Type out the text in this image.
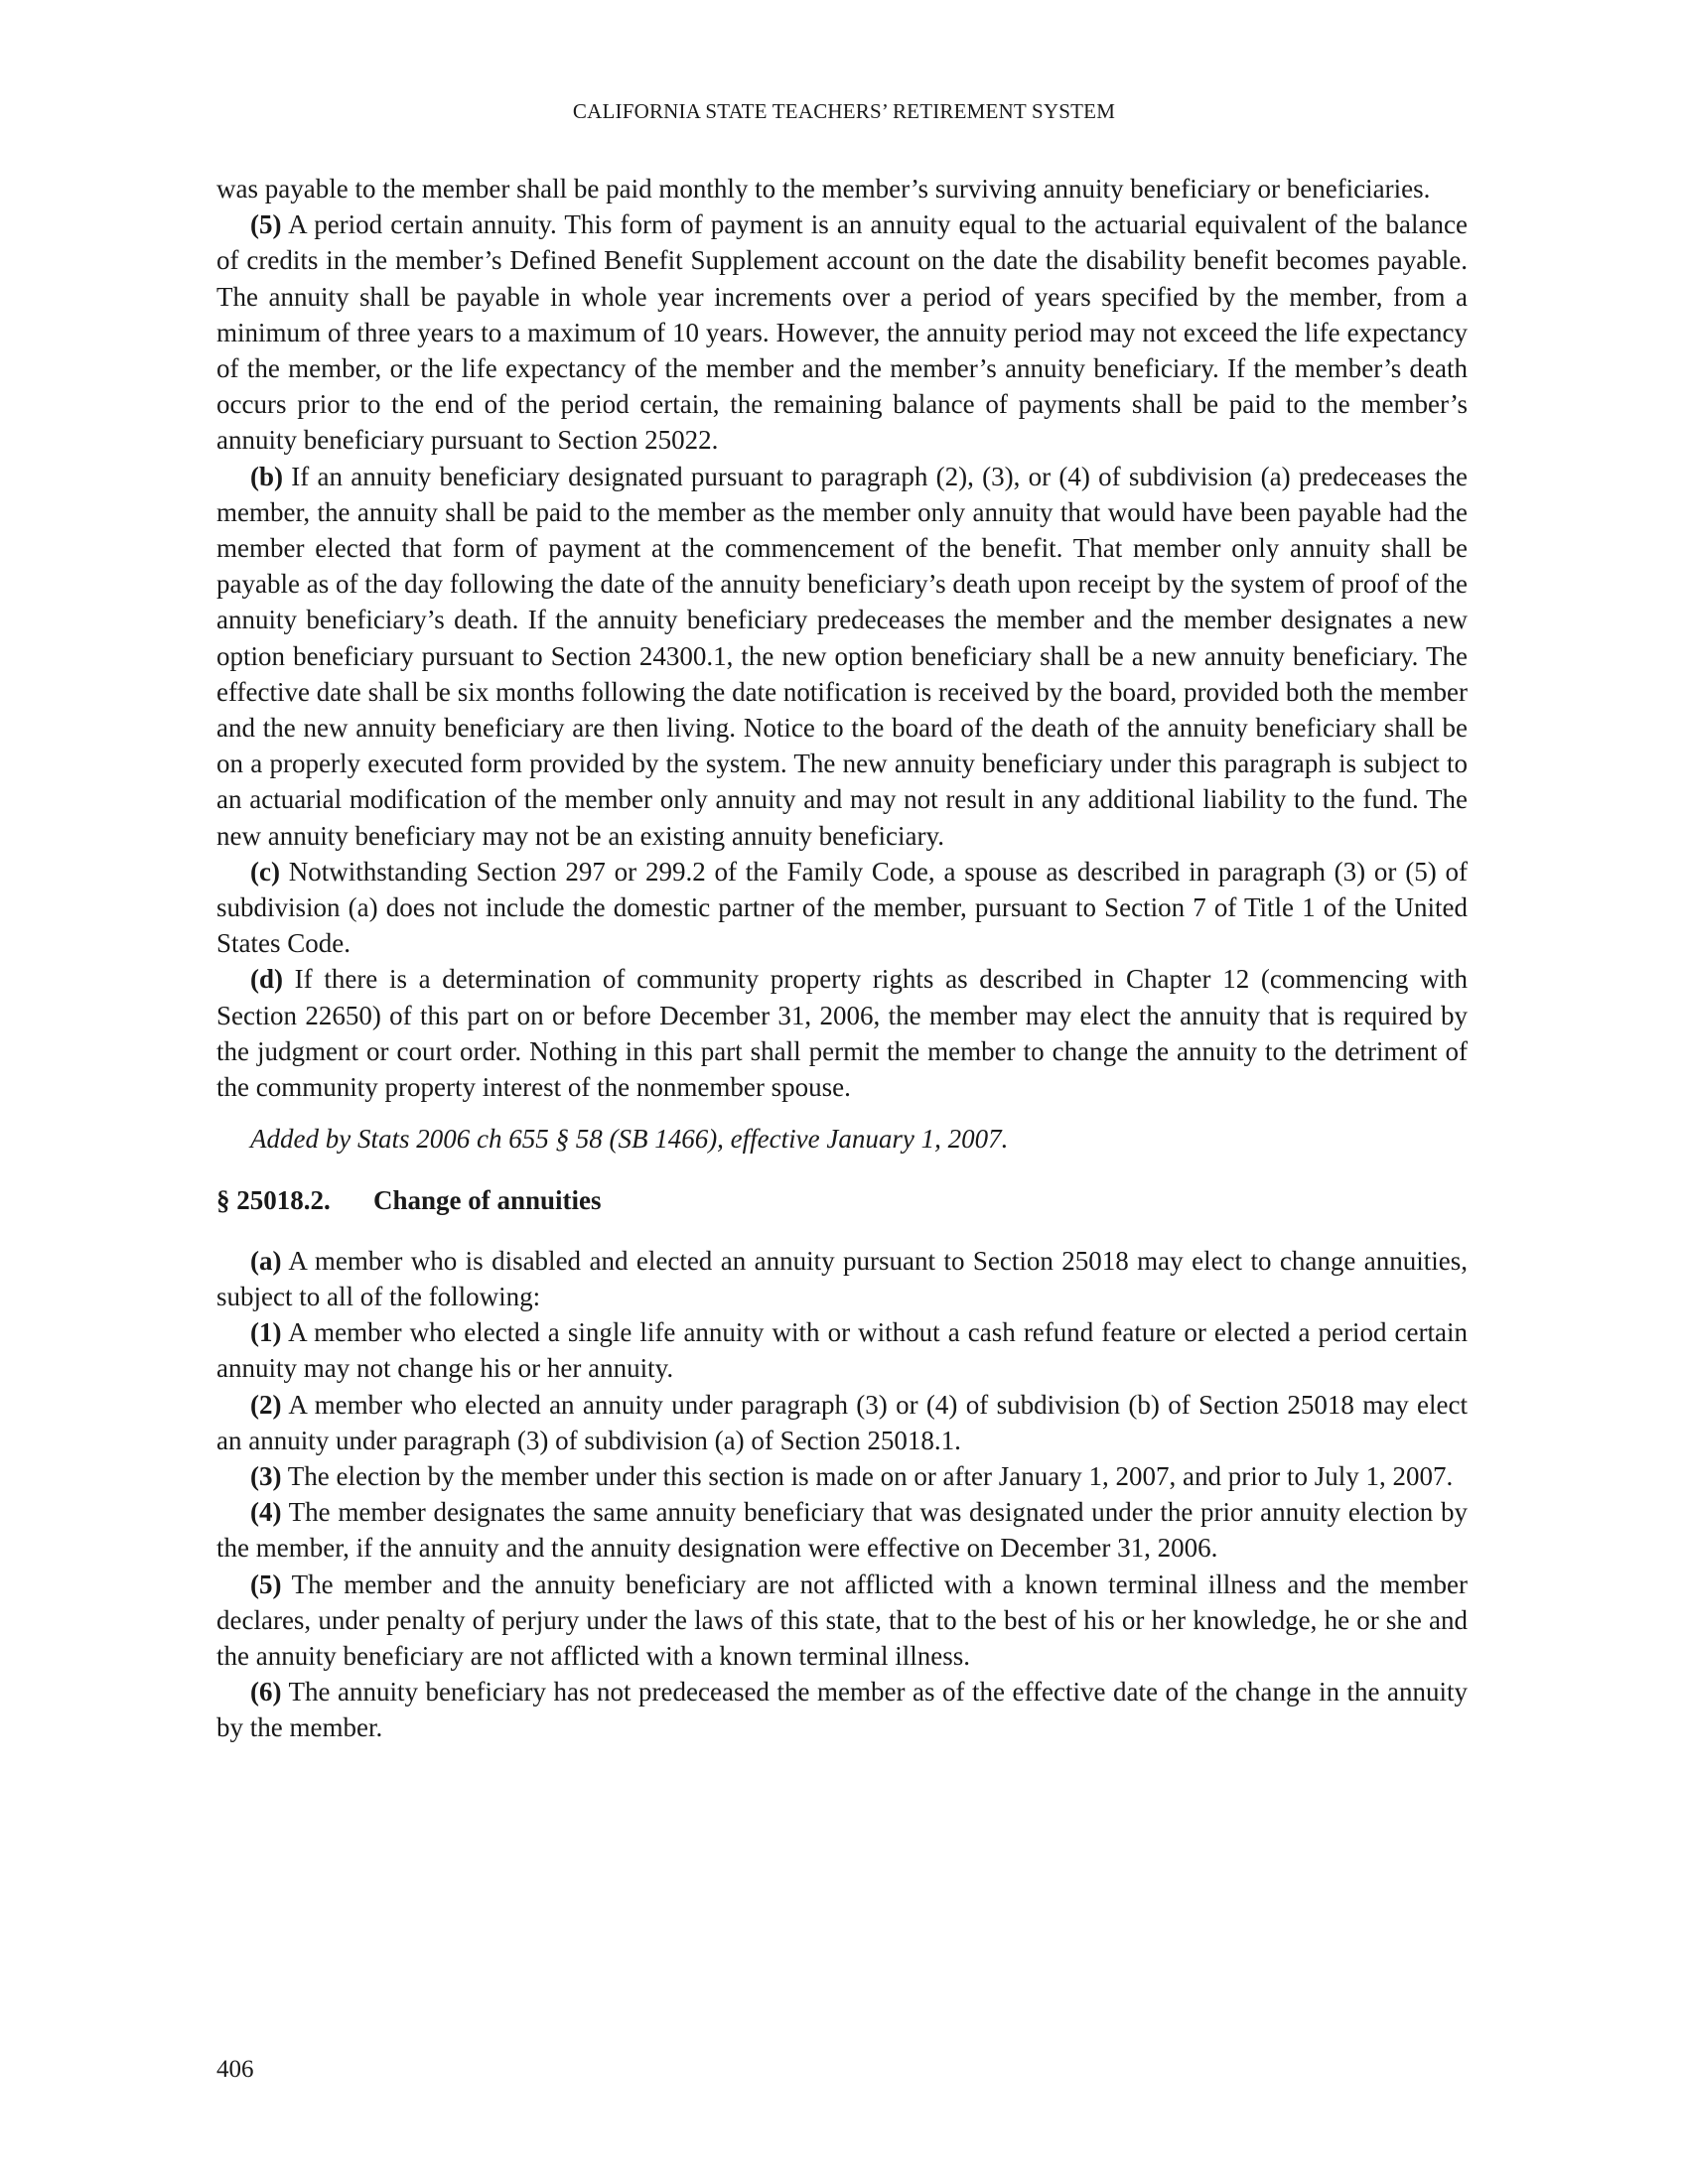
CALIFORNIA STATE TEACHERS’ RETIREMENT SYSTEM

was payable to the member shall be paid monthly to the member’s surviving annuity beneficiary or beneficiaries.

(5) A period certain annuity. This form of payment is an annuity equal to the actuarial equivalent of the balance of credits in the member’s Defined Benefit Supplement account on the date the disability benefit becomes payable. The annuity shall be payable in whole year increments over a period of years specified by the member, from a minimum of three years to a maximum of 10 years. However, the annuity period may not exceed the life expectancy of the member, or the life expectancy of the member and the member’s annuity beneficiary. If the member’s death occurs prior to the end of the period certain, the remaining balance of payments shall be paid to the member’s annuity beneficiary pursuant to Section 25022.

(b) If an annuity beneficiary designated pursuant to paragraph (2), (3), or (4) of subdivision (a) predeceases the member, the annuity shall be paid to the member as the member only annuity that would have been payable had the member elected that form of payment at the commencement of the benefit. That member only annuity shall be payable as of the day following the date of the annuity beneficiary’s death upon receipt by the system of proof of the annuity beneficiary’s death. If the annuity beneficiary predeceases the member and the member designates a new option beneficiary pursuant to Section 24300.1, the new option beneficiary shall be a new annuity beneficiary. The effective date shall be six months following the date notification is received by the board, provided both the member and the new annuity beneficiary are then living. Notice to the board of the death of the annuity beneficiary shall be on a properly executed form provided by the system. The new annuity beneficiary under this paragraph is subject to an actuarial modification of the member only annuity and may not result in any additional liability to the fund. The new annuity beneficiary may not be an existing annuity beneficiary.

(c) Notwithstanding Section 297 or 299.2 of the Family Code, a spouse as described in paragraph (3) or (5) of subdivision (a) does not include the domestic partner of the member, pursuant to Section 7 of Title 1 of the United States Code.

(d) If there is a determination of community property rights as described in Chapter 12 (commencing with Section 22650) of this part on or before December 31, 2006, the member may elect the annuity that is required by the judgment or court order. Nothing in this part shall permit the member to change the annuity to the detriment of the community property interest of the nonmember spouse.

Added by Stats 2006 ch 655 § 58 (SB 1466), effective January 1, 2007.

§ 25018.2.	Change of annuities

(a) A member who is disabled and elected an annuity pursuant to Section 25018 may elect to change annuities, subject to all of the following:

(1) A member who elected a single life annuity with or without a cash refund feature or elected a period certain annuity may not change his or her annuity.

(2) A member who elected an annuity under paragraph (3) or (4) of subdivision (b) of Section 25018 may elect an annuity under paragraph (3) of subdivision (a) of Section 25018.1.

(3) The election by the member under this section is made on or after January 1, 2007, and prior to July 1, 2007.

(4) The member designates the same annuity beneficiary that was designated under the prior annuity election by the member, if the annuity and the annuity designation were effective on December 31, 2006.

(5) The member and the annuity beneficiary are not afflicted with a known terminal illness and the member declares, under penalty of perjury under the laws of this state, that to the best of his or her knowledge, he or she and the annuity beneficiary are not afflicted with a known terminal illness.

(6) The annuity beneficiary has not predeceased the member as of the effective date of the change in the annuity by the member.

406
